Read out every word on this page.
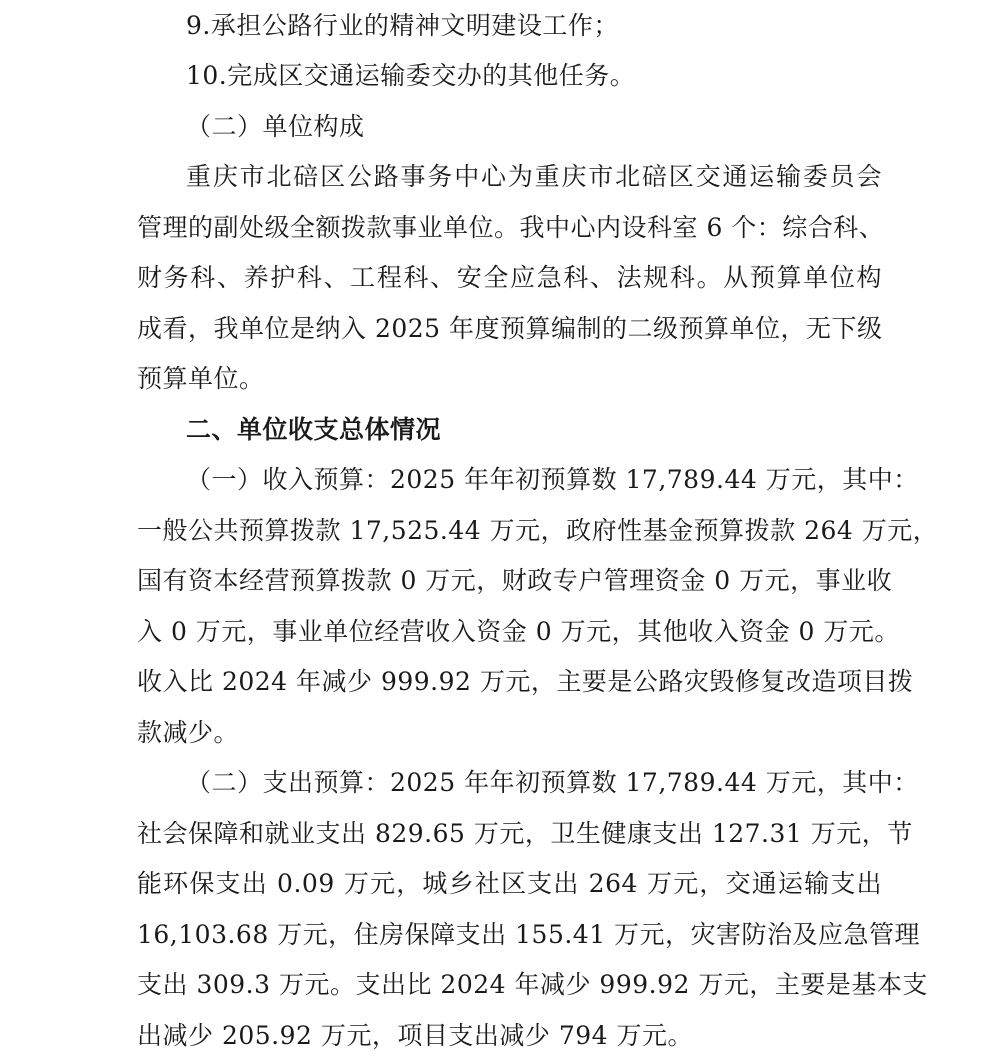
9.承担公路行业的精神文明建设工作；
10.完成区交通运输委交办的其他任务。
（二）单位构成
重庆市北碚区公路事务中心为重庆市北碚区交通运输委员会
管理的副处级全额拨款事业单位。我中心内设科室 6 个：综合科、
财务科、养护科、工程科、安全应急科、法规科。从预算单位构
成看，我单位是纳入 2025 年度预算编制的二级预算单位，无下级
预算单位。
二、单位收支总体情况
（一）收入预算：2025 年年初预算数 17,789.44 万元，其中：
一般公共预算拨款 17,525.44 万元，政府性基金预算拨款 264 万元，
国有资本经营预算拨款 0 万元，财政专户管理资金 0 万元，事业收
入 0 万元，事业单位经营收入资金 0 万元，其他收入资金 0 万元。
收入比 2024 年减少 999.92 万元，主要是公路灾毁修复改造项目拨
款减少。
（二）支出预算：2025 年年初预算数 17,789.44 万元，其中：
社会保障和就业支出 829.65 万元，卫生健康支出 127.31 万元，节
能环保支出 0.09 万元，城乡社区支出 264 万元，交通运输支出
16,103.68 万元，住房保障支出 155.41 万元，灾害防治及应急管理
支出 309.3 万元。支出比 2024 年减少 999.92 万元，主要是基本支
出减少 205.92 万元，项目支出减少 794 万元。
